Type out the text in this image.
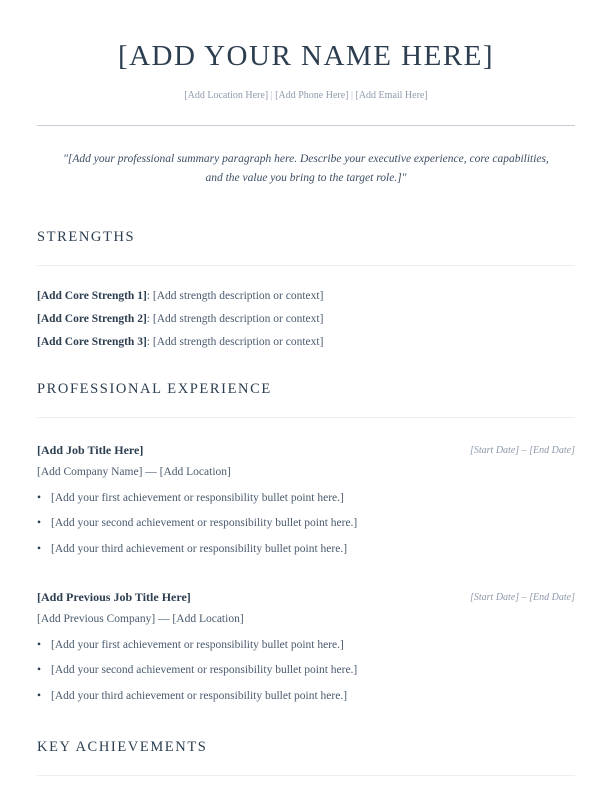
[ADD YOUR NAME HERE]
[Add Location Here] | [Add Phone Here] | [Add Email Here]
"[Add your professional summary paragraph here. Describe your executive experience, core capabilities, and the value you bring to the target role.]"
STRENGTHS
[Add Core Strength 1]: [Add strength description or context]
[Add Core Strength 2]: [Add strength description or context]
[Add Core Strength 3]: [Add strength description or context]
PROFESSIONAL EXPERIENCE
[Add Job Title Here]	[Start Date] – [End Date]
[Add Company Name] — [Add Location]
• [Add your first achievement or responsibility bullet point here.]
• [Add your second achievement or responsibility bullet point here.]
• [Add your third achievement or responsibility bullet point here.]
[Add Previous Job Title Here]	[Start Date] – [End Date]
[Add Previous Company] — [Add Location]
• [Add your first achievement or responsibility bullet point here.]
• [Add your second achievement or responsibility bullet point here.]
• [Add your third achievement or responsibility bullet point here.]
KEY ACHIEVEMENTS
